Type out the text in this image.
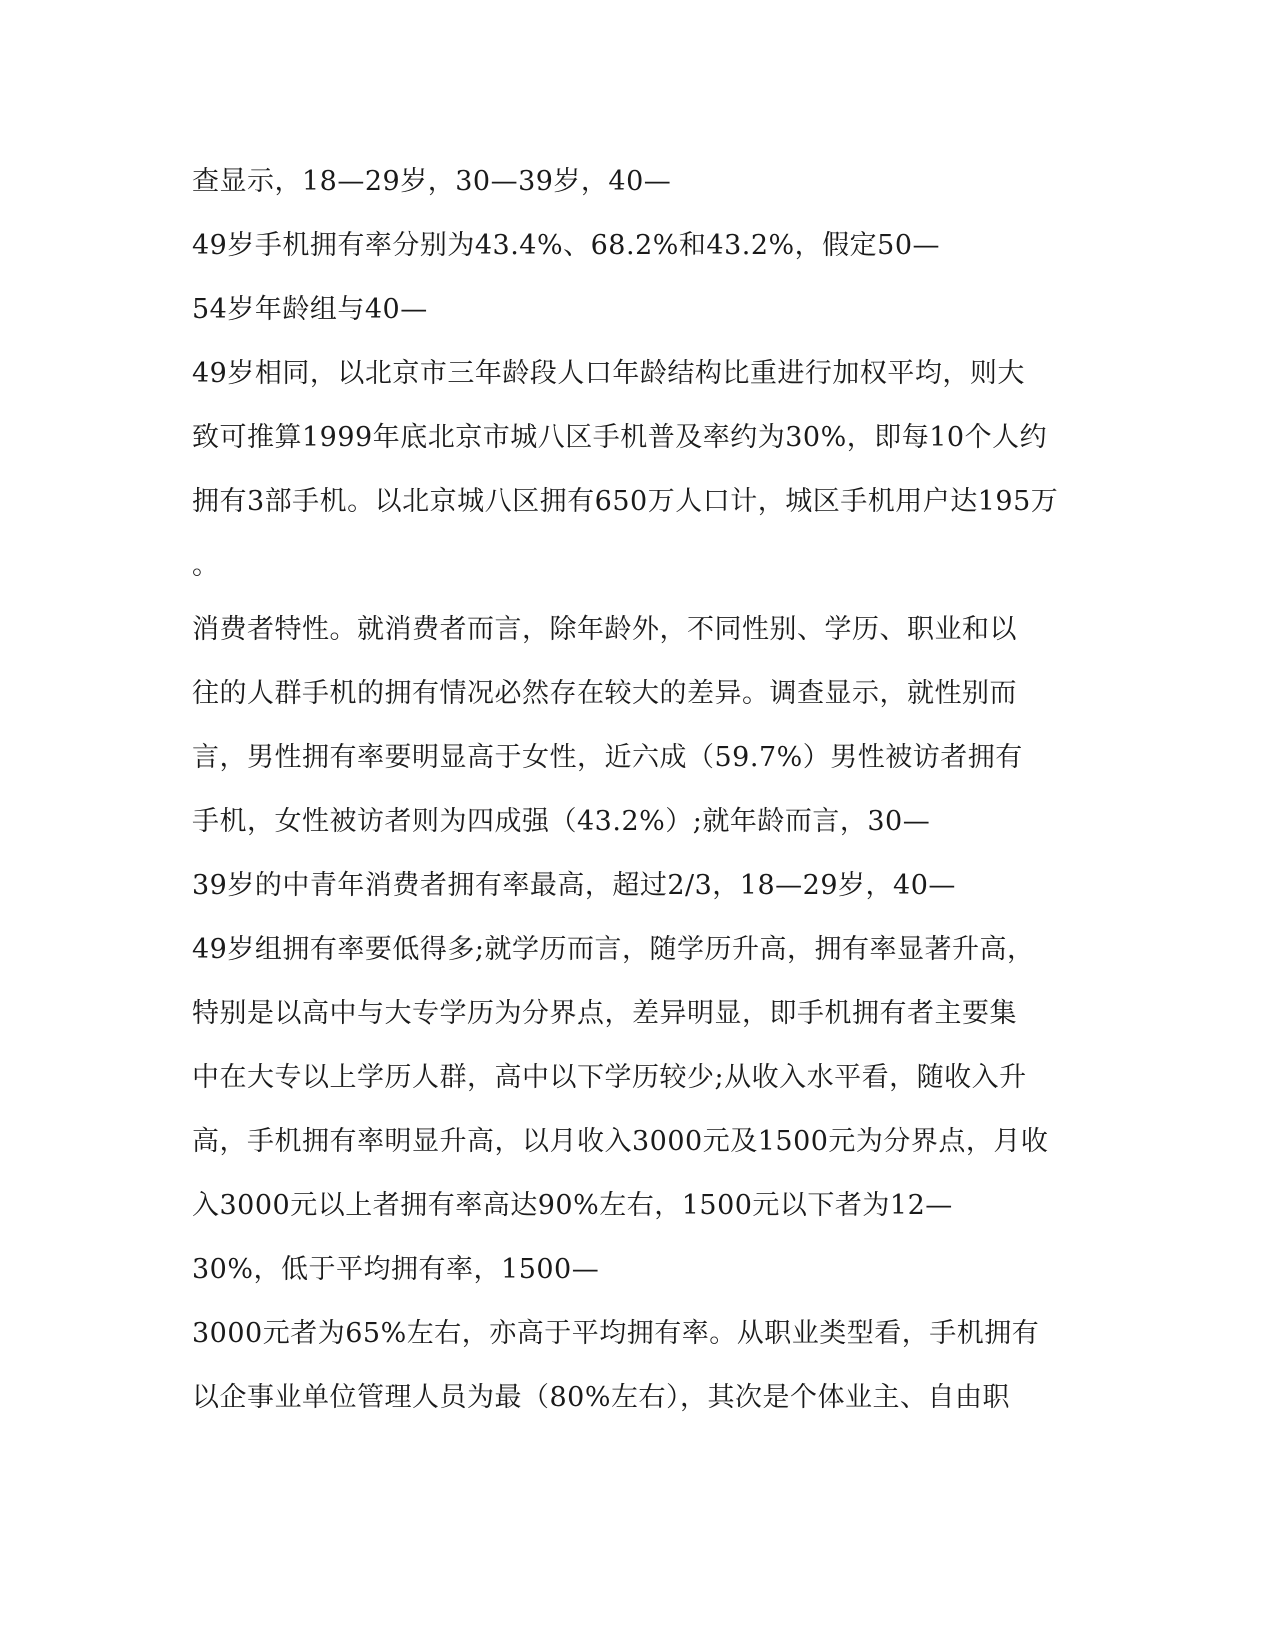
查显示，18—29岁，30—39岁，40—
49岁手机拥有率分别为43.4%、68.2%和43.2%，假定50—
54岁年龄组与40—
49岁相同，以北京市三年龄段人口年龄结构比重进行加权平均，则大
致可推算1999年底北京市城八区手机普及率约为30%，即每10个人约
拥有3部手机。以北京城八区拥有650万人口计，城区手机用户达195万
。
消费者特性。就消费者而言，除年龄外，不同性别、学历、职业和以
往的人群手机的拥有情况必然存在较大的差异。调查显示，就性别而
言，男性拥有率要明显高于女性，近六成（59.7%）男性被访者拥有
手机，女性被访者则为四成强（43.2%）;就年龄而言，30—
39岁的中青年消费者拥有率最高，超过2/3，18—29岁，40—
49岁组拥有率要低得多;就学历而言，随学历升高，拥有率显著升高，
特别是以高中与大专学历为分界点，差异明显，即手机拥有者主要集
中在大专以上学历人群，高中以下学历较少;从收入水平看，随收入升
高，手机拥有率明显升高，以月收入3000元及1500元为分界点，月收
入3000元以上者拥有率高达90%左右，1500元以下者为12—
30%，低于平均拥有率，1500—
3000元者为65%左右，亦高于平均拥有率。从职业类型看，手机拥有
以企事业单位管理人员为最（80%左右），其次是个体业主、自由职
